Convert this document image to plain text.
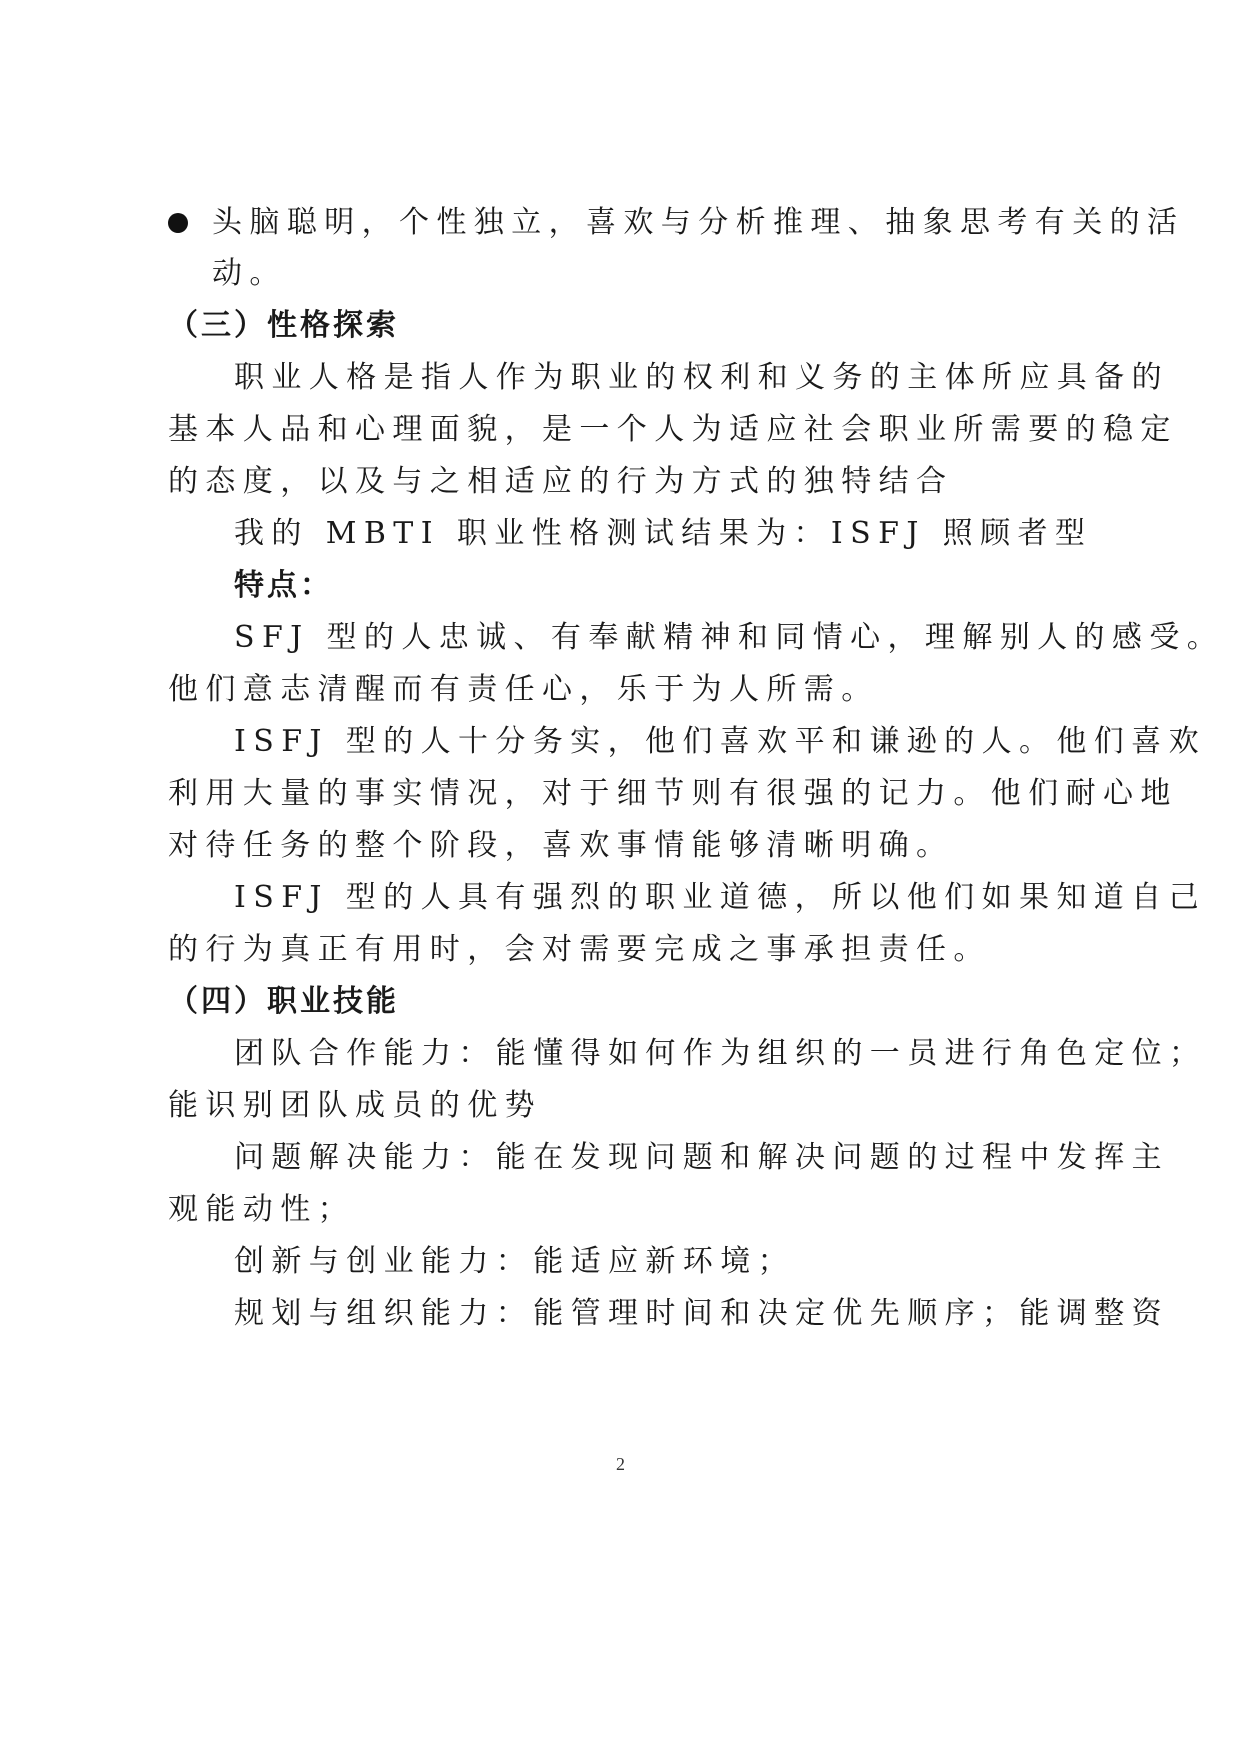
头脑聪明，个性独立，喜欢与分析推理、抽象思考有关的活
动。
（三）性格探索
职业人格是指人作为职业的权利和义务的主体所应具备的
基本人品和心理面貌，是一个人为适应社会职业所需要的稳定
的态度，以及与之相适应的行为方式的独特结合
我的 MBTI 职业性格测试结果为：ISFJ 照顾者型
特点：
SFJ 型的人忠诚、有奉献精神和同情心，理解别人的感受。
他们意志清醒而有责任心，乐于为人所需。
ISFJ 型的人十分务实，他们喜欢平和谦逊的人。他们喜欢
利用大量的事实情况，对于细节则有很强的记力。他们耐心地
对待任务的整个阶段，喜欢事情能够清晰明确。
ISFJ 型的人具有强烈的职业道德，所以他们如果知道自己
的行为真正有用时，会对需要完成之事承担责任。
（四）职业技能
团队合作能力：能懂得如何作为组织的一员进行角色定位；
能识别团队成员的优势
问题解决能力：能在发现问题和解决问题的过程中发挥主
观能动性；
创新与创业能力：能适应新环境；
规划与组织能力：能管理时间和决定优先顺序；能调整资
2
